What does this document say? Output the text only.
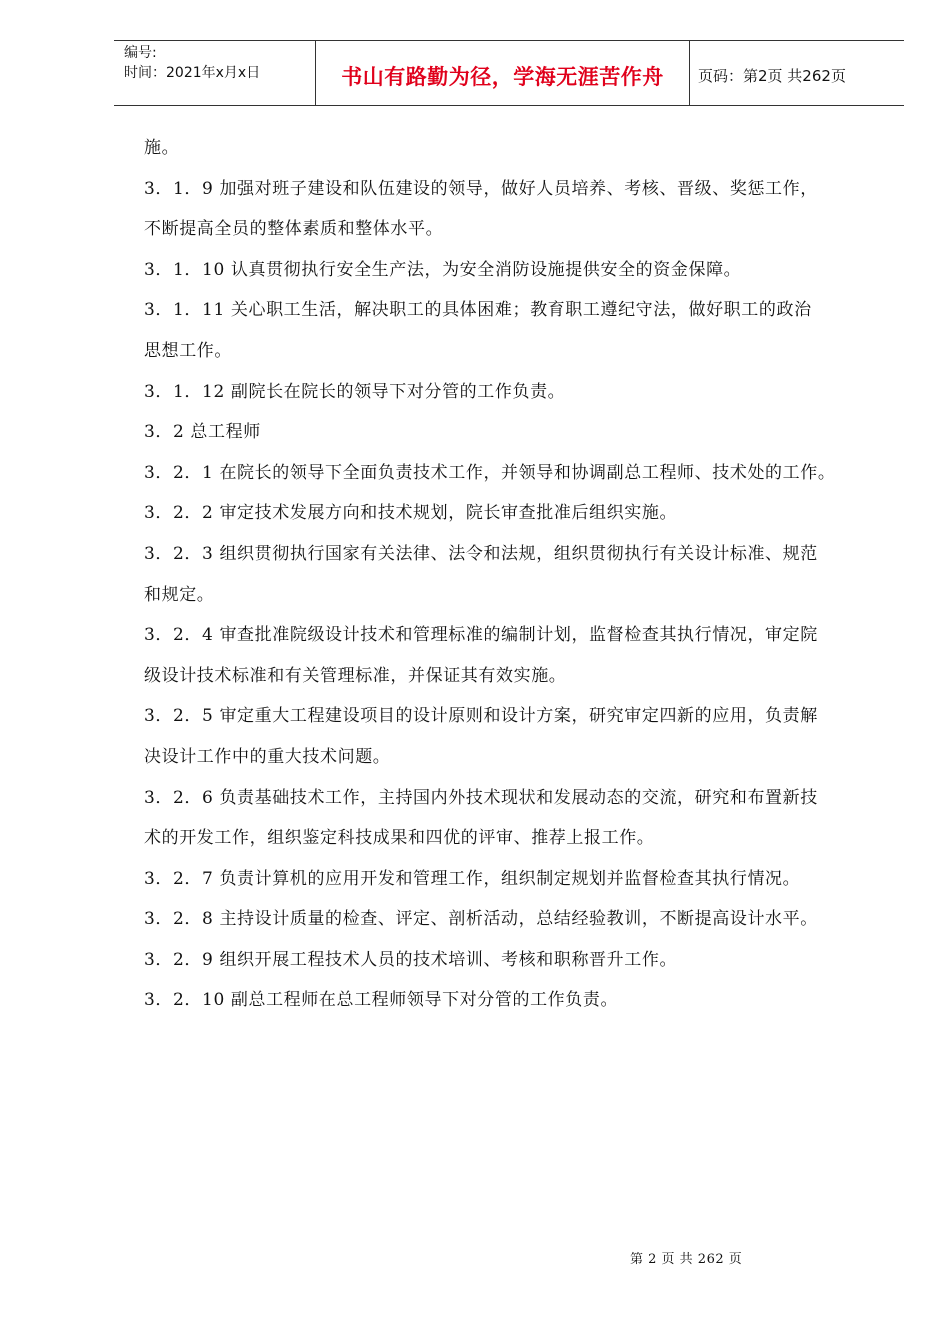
编号:
时间：2021年x月x日	书山有路勤为径，学海无涯苦作舟	页码：第2页 共262页
施。
3．1．9 加强对班子建设和队伍建设的领导，做好人员培养、考核、晋级、奖惩工作，
不断提高全员的整体素质和整体水平。
3．1．10 认真贯彻执行安全生产法，为安全消防设施提供安全的资金保障。
3．1．11 关心职工生活，解决职工的具体困难；教育职工遵纪守法，做好职工的政治
思想工作。
3．1．12 副院长在院长的领导下对分管的工作负责。
3．2 总工程师
3．2．1 在院长的领导下全面负责技术工作，并领导和协调副总工程师、技术处的工作。
3．2．2 审定技术发展方向和技术规划，院长审查批准后组织实施。
3．2．3 组织贯彻执行国家有关法律、法令和法规，组织贯彻执行有关设计标准、规范
和规定。
3．2．4 审查批准院级设计技术和管理标准的编制计划，监督检查其执行情况，审定院
级设计技术标准和有关管理标准，并保证其有效实施。
3．2．5 审定重大工程建设项目的设计原则和设计方案，研究审定四新的应用，负责解
决设计工作中的重大技术问题。
3．2．6 负责基础技术工作，主持国内外技术现状和发展动态的交流，研究和布置新技
术的开发工作，组织鉴定科技成果和四优的评审、推荐上报工作。
3．2．7 负责计算机的应用开发和管理工作，组织制定规划并监督检查其执行情况。
3．2．8 主持设计质量的检查、评定、剖析活动，总结经验教训，不断提高设计水平。
3．2．9 组织开展工程技术人员的技术培训、考核和职称晋升工作。
3．2．10 副总工程师在总工程师领导下对分管的工作负责。
第 2 页 共 262 页
